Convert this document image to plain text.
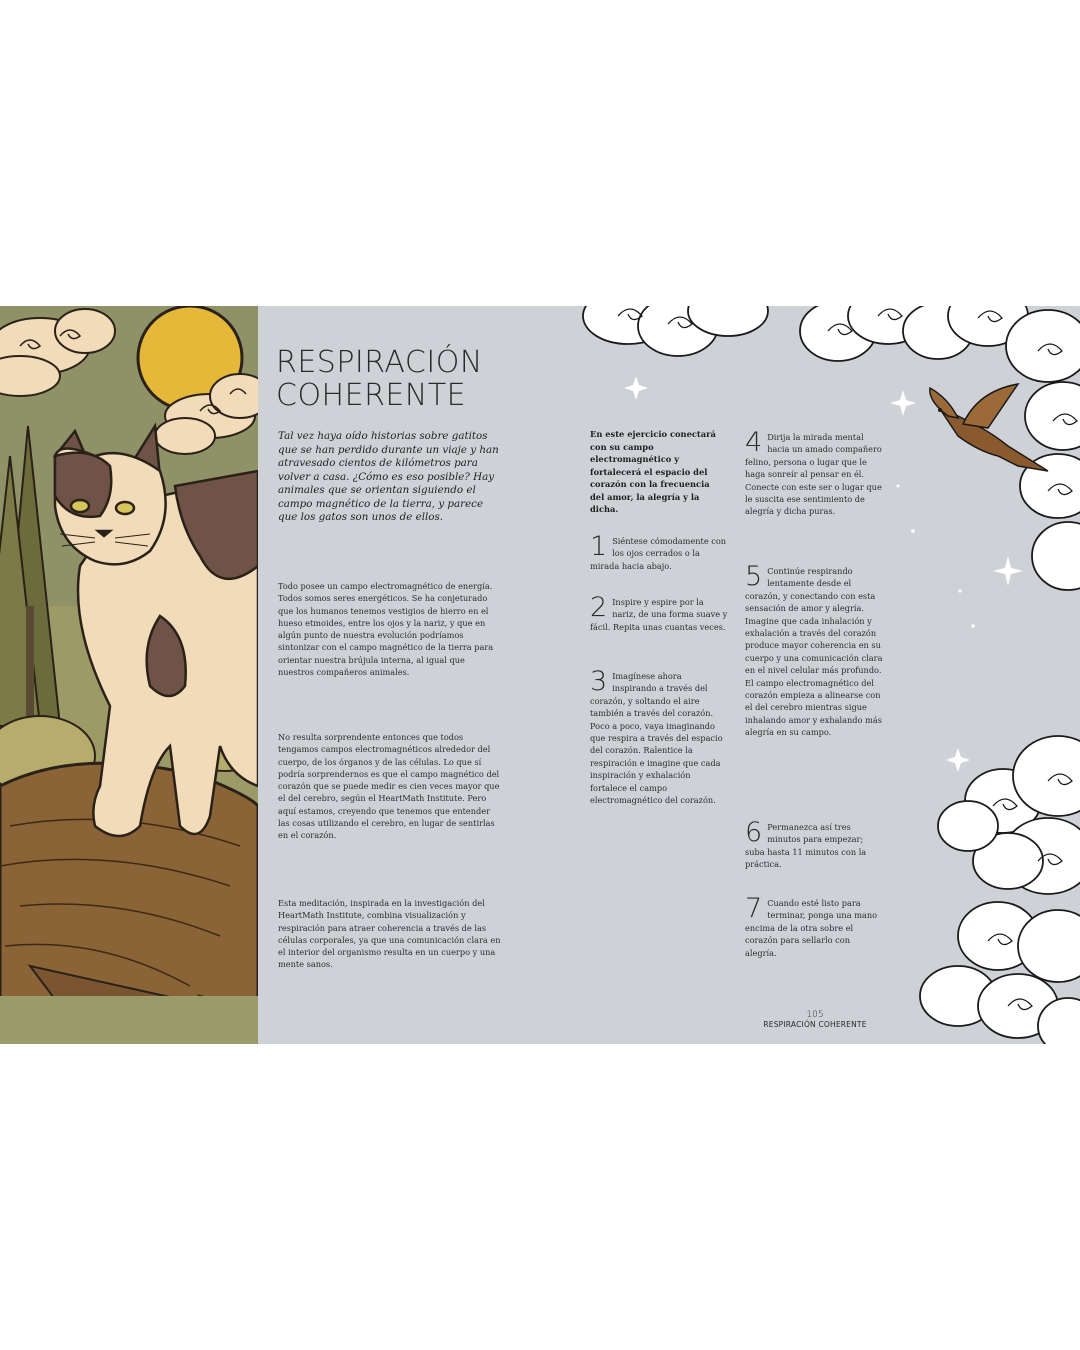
RESPIRACIÓN
COHERENTE

Tal vez haya oído historias sobre gatitos que se han perdido durante un viaje y han atravesado cientos de kilómetros para volver a casa. ¿Cómo es eso posible? Hay animales que se orientan siguiendo el campo magnético de la tierra, y parece que los gatos son unos de ellos.

Todo posee un campo electromagnético de energía. Todos somos seres energéticos. Se ha conjeturado que los humanos tenemos vestigios de hierro en el hueso etmoides, entre los ojos y la nariz, y que en algún punto de nuestra evolución podríamos sintonizar con el campo magnético de la tierra para orientar nuestra brújula interna, al igual que nuestros compañeros animales.

No resulta sorprendente entonces que todos tengamos campos electromagnéticos alrededor del cuerpo, de los órganos y de las células. Lo que sí podría sorprendernos es que el campo magnético del corazón que se puede medir es cien veces mayor que el del cerebro, según el HeartMath Institute. Pero aquí estamos, creyendo que tenemos que entender las cosas utilizando el cerebro, en lugar de sentirlas en el corazón.

Esta meditación, inspirada en la investigación del HeartMath Institute, combina visualización y respiración para atraer coherencia a través de las células corporales, ya que una comunicación clara en el interior del organismo resulta en un cuerpo y una mente sanos.

En este ejercicio conectará con su campo electromagnético y fortalecerá el espacio del corazón con la frecuencia del amor, la alegría y la dicha.

1 Siéntese cómodamente con los ojos cerrados o la mirada hacia abajo.

2 Inspire y espire por la nariz, de una forma suave y fácil. Repita unas cuantas veces.

3 Imagínese ahora inspirando a través del corazón, y soltando el aire también a través del corazón. Poco a poco, vaya imaginando que respira a través del espacio del corazón. Ralentice la respiración e imagine que cada inspiración y exhalación fortalece el campo electromagnético del corazón.

4 Dirija la mirada mental hacia un amado compañero felino, persona o lugar que le haga sonreír al pensar en él. Conecte con este ser o lugar que le suscita ese sentimiento de alegría y dicha puras.

5 Continúe respirando lentamente desde el corazón, y conectando con esta sensación de amor y alegría. Imagine que cada inhalación y exhalación a través del corazón produce mayor coherencia en su cuerpo y una comunicación clara en el nivel celular más profundo. El campo electromagnético del corazón empieza a alinearse con el del cerebro mientras sigue inhalando amor y exhalando más alegría en su campo.

6 Permanezca así tres minutos para empezar; suba hasta 11 minutos con la práctica.

7 Cuando esté listo para terminar, ponga una mano encima de la otra sobre el corazón para sellarlo con alegría.

105
RESPIRACIÓN COHERENTE
